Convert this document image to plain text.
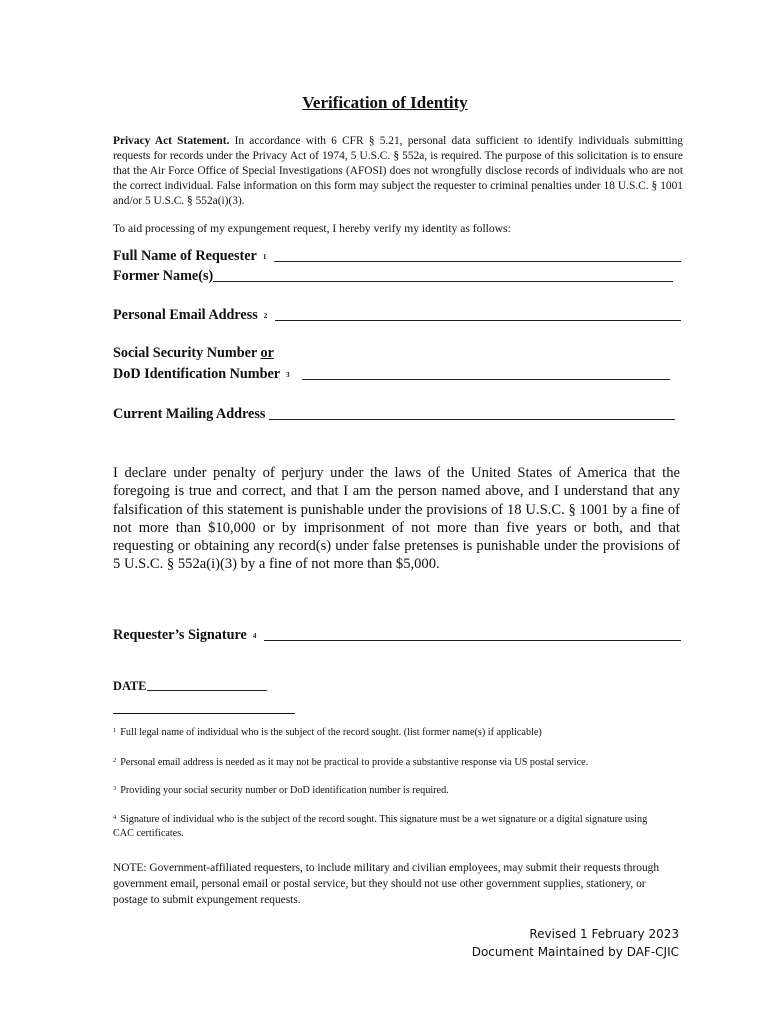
Verification of Identity
Privacy Act Statement. In accordance with 6 CFR § 5.21, personal data sufficient to identify individuals submitting requests for records under the Privacy Act of 1974, 5 U.S.C. § 552a, is required. The purpose of this solicitation is to ensure that the Air Force Office of Special Investigations (AFOSI) does not wrongfully disclose records of individuals who are not the correct individual. False information on this form may subject the requester to criminal penalties under 18 U.S.C. § 1001 and/or 5 U.S.C. § 552a(i)(3).
To aid processing of my expungement request, I hereby verify my identity as follows:
Full Name of Requester $^1$
Former Name(s)
Personal Email Address $^2$
Social Security Number or
DoD Identification Number $^3$
Current Mailing Address
I declare under penalty of perjury under the laws of the United States of America that the foregoing is true and correct, and that I am the person named above, and I understand that any falsification of this statement is punishable under the provisions of 18 U.S.C. § 1001 by a fine of not more than $10,000 or by imprisonment of not more than five years or both, and that requesting or obtaining any record(s) under false pretenses is punishable under the provisions of 5 U.S.C. § 552a(i)(3) by a fine of not more than $5,000.
Requester’s Signature $^4$
DATE
$^1$ Full legal name of individual who is the subject of the record sought. (list former name(s) if applicable)
$^2$ Personal email address is needed as it may not be practical to provide a substantive response via US postal service.
$^3$ Providing your social security number or DoD identification number is required.
$^4$ Signature of individual who is the subject of the record sought. This signature must be a wet signature or a digital signature using CAC certificates.
NOTE: Government-affiliated requesters, to include military and civilian employees, may submit their requests through government email, personal email or postal service, but they should not use other government supplies, stationery, or postage to submit expungement requests.
Revised 1 February 2023
Document Maintained by DAF-CJIC
